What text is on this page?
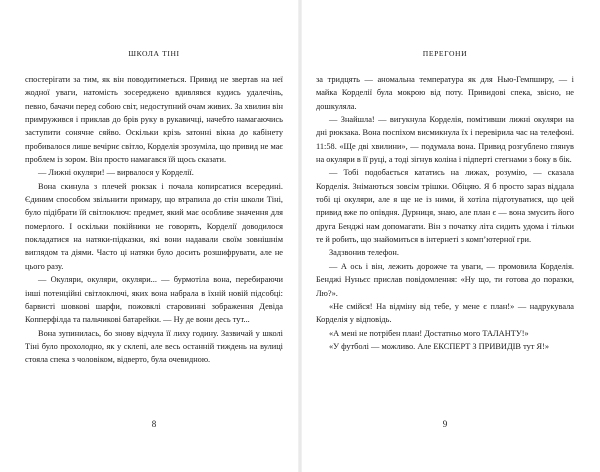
ШКОЛА ТІНІ

спостерігати за тим, як він поводитиметься. Привид не звертав на неї жодної уваги, натомість зосереджено вдивлявся кудись удалечінь, певно, бачачи перед собою світ, недоступний очам живих. За хвилин він примружився і приклав до брів руку в рукавичці, начебто намагаючись заступити сонячне сяйво. Оскільки крізь затонні вікна до кабінету пробивалося лише вечірнє світло, Корделія зрозуміла, що привид не має проблем із зором. Він просто намагався їй щось сказати.

— Лижні окуляри! — вирвалося у Корделії.

Вона скинула з плечей рюкзак і почала копирсатися всередині. Єдиним способом звільнити примару, що втрапила до стін школи Тіні, було підібрати їй світлоключ: предмет, який має особливе значення для померлого. І оскільки покійники не говорять, Корделії доводилося покладатися на натяки-підказки, які вони надавали своїм зовнішнім виглядом та діями. Часто ці натяки було досить розшифрувати, але не цього разу.

— Окуляри, окуляри, окуляри... — бурмотіла вона, перебираючи інші потенційні світлоключі, яких вона набрала в їхній новій підсобці: барвисті шовкові шарфи, пожовклі старовинні зображення Девіда Копперфілда та пальчикові батарейки. — Ну де вони десь тут...

Вона зупинилась, бо знову відчула її лиху годину. Зазвичай у школі Тіні було прохолодно, як у склепі, але весь останній тиждень на вулиці стояла спека з чоловіком, відверто, була очевидною.

8
ПЕРЕГОНИ

за тридцять — аномальна температура як для Нью-Гемпширу, — і майка Корделії була мокрою від поту. Привидові спека, звісно, не дошкуляла.

— Знайшла! — вигукнула Корделія, помітивши лижні окуляри на дні рюкзака. Вона поспіхом висмикнула їх і перевірила час на телефоні. 11:58. «Ще дві хвилини», — подумала вона. Привид розгублено глянув на окуляри в її руці, а тоді зігнув коліна і підперті стегнами з боку в бік.

— Тобі подобається кататись на лижах, розумію, — сказала Корделія. Знімаються зовсім трішки. Обіцяю. Я б просто зараз віддала тобі ці окуляри, але я ще не із ними, й хотіла підготуватися, що цей привид вже по опівдня. Дурниця, знаю, але план є — вона змусить його друга Бенджі нам допомагати. Він з початку літа сидить удома і тільки те й робить, що знайомиться в інтернеті з компʼютерної гри.

Задзвонив телефон.

— А ось і він, лежить дорожче та уваги, — промовила Корделія. Бенджі Нуньєс прислав повідомлення: «Ну що, ти готова до поразки, Лю?».

«Не смійся! На відміну від тебе, у мене є план!» — надрукувала Корделія у відповідь.

«А мені не потрібен план! Достатньо мого ТАЛАНТУ!»

«У футболі — можливо. Але ЕКСПЕРТ З ПРИВИДІВ тут Я!»

9
